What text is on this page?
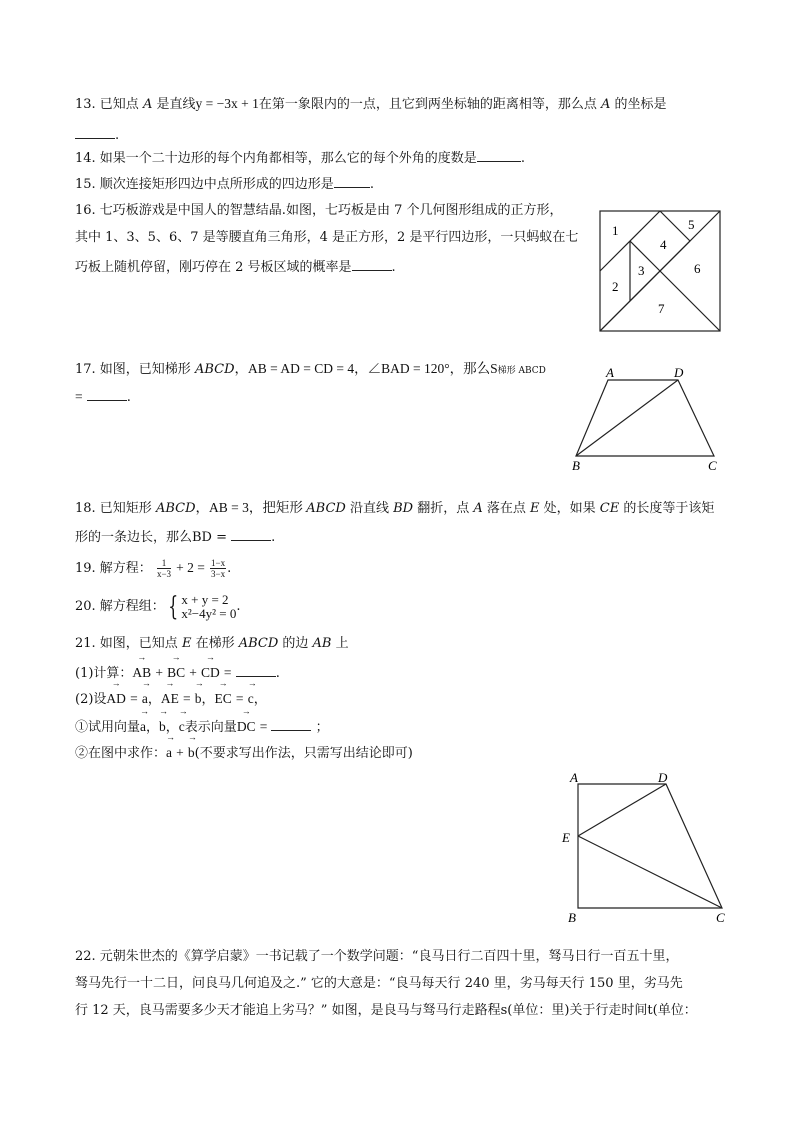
13. 已知点 A 是直线y = −3x + 1在第一象限内的一点，且它到两坐标轴的距离相等，那么点 A 的坐标是
.
14. 如果一个二十边形的每个内角都相等，那么它的每个外角的度数是	.
15. 顺次连接矩形四边中点所形成的四边形是	.
16. 七巧板游戏是中国人的智慧结晶.如图，七巧板是由 7 个几何图形组成的正方形，
其中 1、3、5、6、7 是等腰直角三角形，4 是正方形，2 是平行四边形，一只蚂蚁在七
巧板上随机停留，刚巧停在 2 号板区域的概率是	.
1
2
3
4
5
6
7
17. 如图，已知梯形 ABCD，AB = AD = CD = 4，∠BAD = 120°，那么S梯形 ABCD
=	.
A	D
B	C
18. 已知矩形 ABCD，AB = 3，把矩形 ABCD 沿直线 BD 翻折，点 A 落在点 E 处，如果 CE 的长度等于该矩
形的一条边长，那么BD =	.
19. 解方程： $\frac{1}{x-3} + 2 = \frac{1-x}{3-x}$ .
20. 解方程组： { x + y = 2
x²−4y² = 0 .
21. 如图，已知点 E 在梯形 ABCD 的边 AB 上
(1)计算：→ AB + → BC + → CD =	.
(2)设→ AD = → a，→ AE = → b，→ EC = → c，
①试用向量→ a，→ b，→ c表示向量→ DC =	；
②在图中求作：→ a + → b(不要求写出作法，只需写出结论即可)
A	D
E
B	C
22. 元朝朱世杰的《算学启蒙》一书记载了一个数学问题：“良马日行二百四十里，驽马日行一百五十里，
驽马先行一十二日，问良马几何追及之.” 它的大意是：“良马每天行 240 里，劣马每天行 150 里，劣马先
行 12 天，良马需要多少天才能追上劣马？” 如图，是良马与驽马行走路程s(单位：里)关于行走时间t(单位：
